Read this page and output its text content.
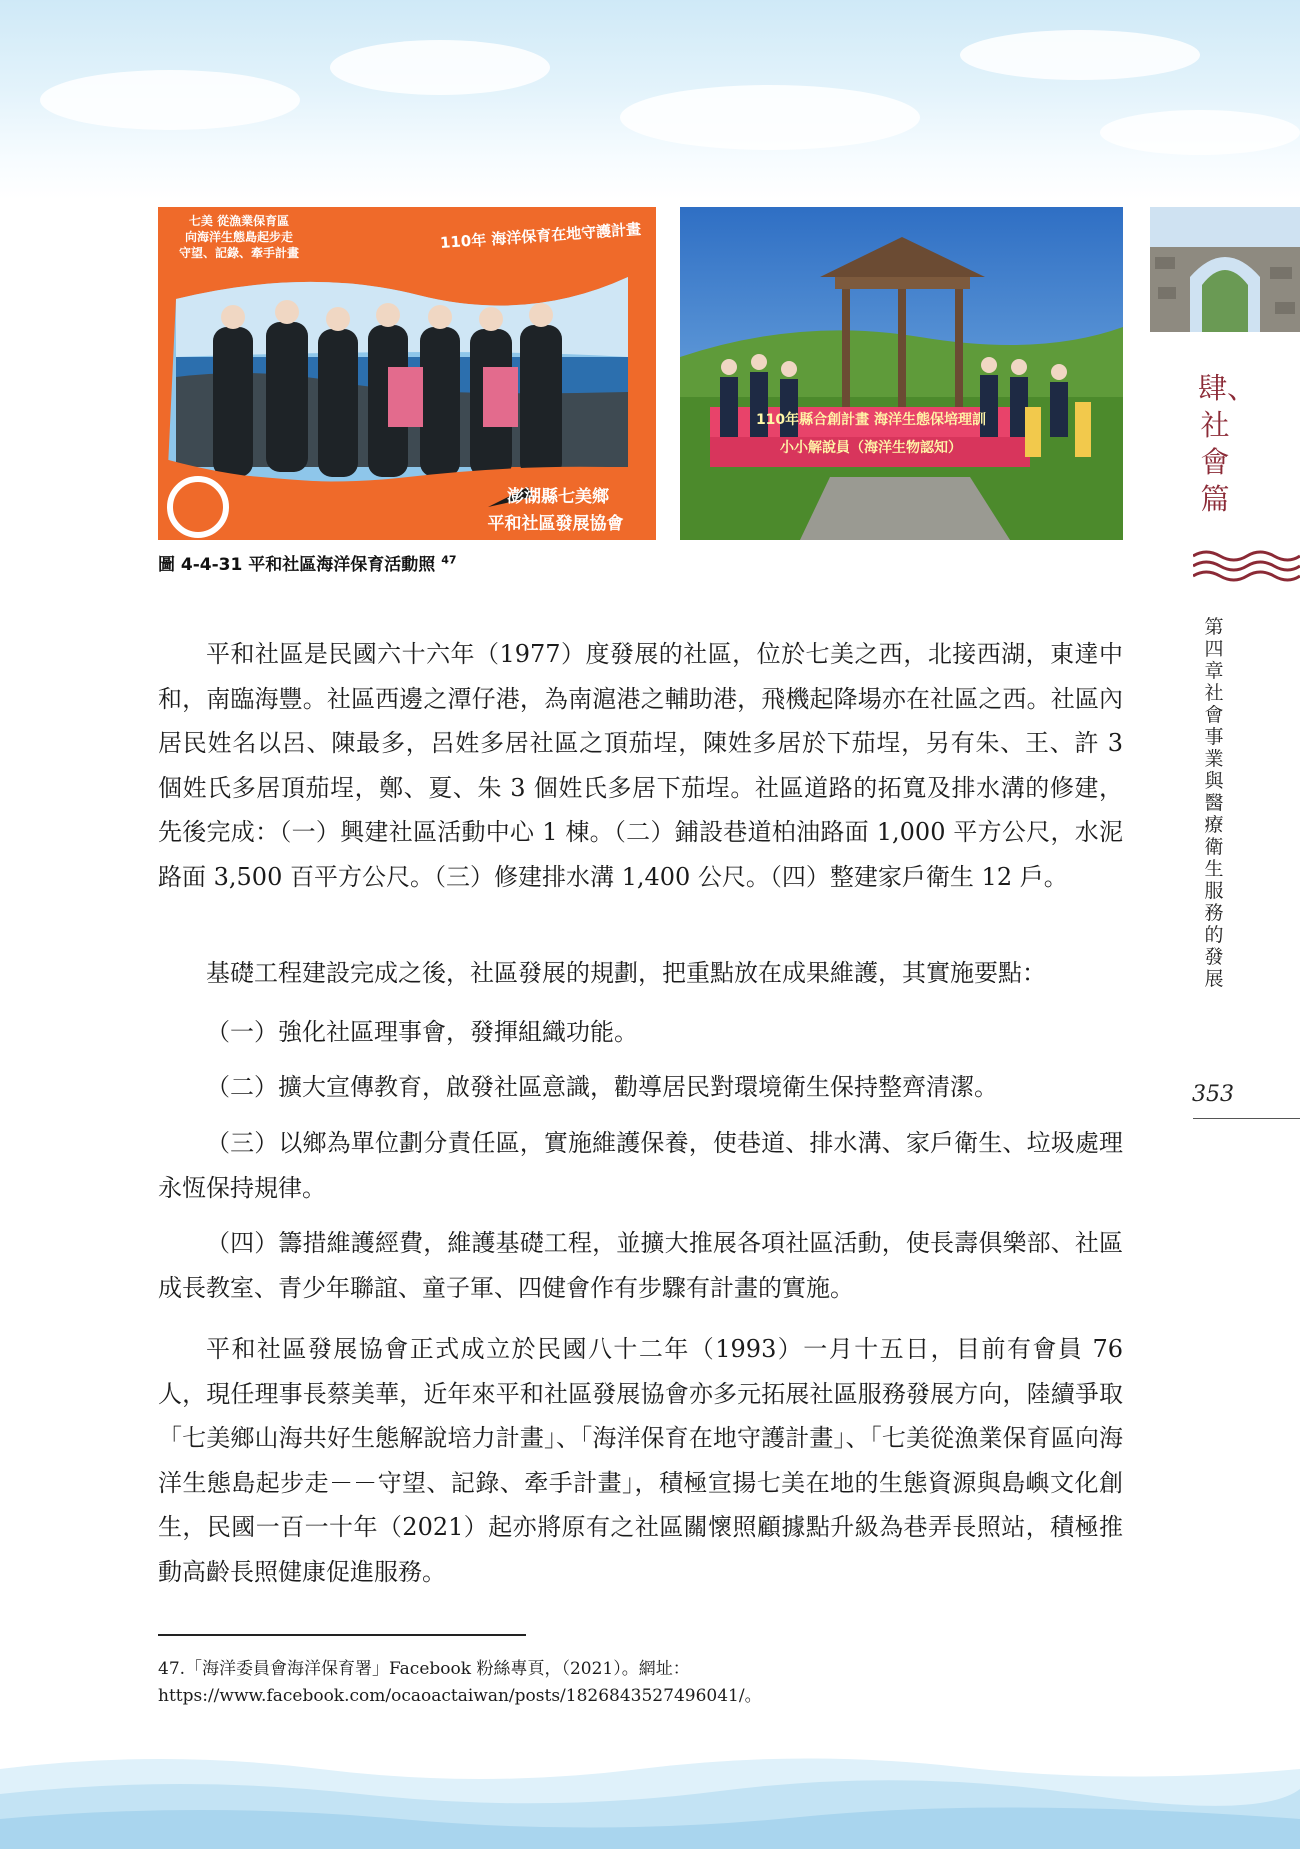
七美 從漁業保育區
向海洋生態島起步走
守望、記錄、牽手計畫
110年 海洋保育在地守護計畫
澎湖縣七美鄉
平和社區發展協會
110年縣合創計畫 海洋生態保培理訓
小小解說員（海洋生物認知）
圖 4-4-31 平和社區海洋保育活動照 $^{47}$

平和社區是民國六十六年（1977）度發展的社區，位於七美之西，北接西湖，東達中和，南臨海豐。社區西邊之潭仔港，為南滬港之輔助港，飛機起降場亦在社區之西。社區內居民姓名以呂、陳最多，呂姓多居社區之頂茄埕，陳姓多居於下茄埕，另有朱、王、許 3 個姓氏多居頂茄埕，鄭、夏、朱 3 個姓氏多居下茄埕。社區道路的拓寬及排水溝的修建，先後完成：（一）興建社區活動中心 1 棟。（二）鋪設巷道柏油路面 1,000 平方公尺，水泥路面 3,500 百平方公尺。（三）修建排水溝 1,400 公尺。（四）整建家戶衛生 12 戶。

基礎工程建設完成之後，社區發展的規劃，把重點放在成果維護，其實施要點：

（一）強化社區理事會，發揮組織功能。

（二）擴大宣傳教育，啟發社區意識，勸導居民對環境衛生保持整齊清潔。

（三）以鄉為單位劃分責任區，實施維護保養，使巷道、排水溝、家戶衛生、垃圾處理永恆保持規律。

（四）籌措維護經費，維護基礎工程，並擴大推展各項社區活動，使長壽俱樂部、社區成長教室、青少年聯誼、童子軍、四健會作有步驟有計畫的實施。

平和社區發展協會正式成立於民國八十二年（1993）一月十五日，目前有會員 76 人，現任理事長蔡美華，近年來平和社區發展協會亦多元拓展社區服務發展方向，陸續爭取「七美鄉山海共好生態解說培力計畫」、「海洋保育在地守護計畫」、「七美從漁業保育區向海洋生態島起步走－－守望、記錄、牽手計畫」，積極宣揚七美在地的生態資源與島嶼文化創生，民國一百一十年（2021）起亦將原有之社區關懷照顧據點升級為巷弄長照站，積極推動高齡長照健康促進服務。

47.「海洋委員會海洋保育署」Facebook 粉絲專頁，（2021）。網址：https://www.facebook.com/ocaoactaiwan/posts/1826843527496041/。
肆、社會篇
第四章 社會事業與醫療衛生服務的發展
353
